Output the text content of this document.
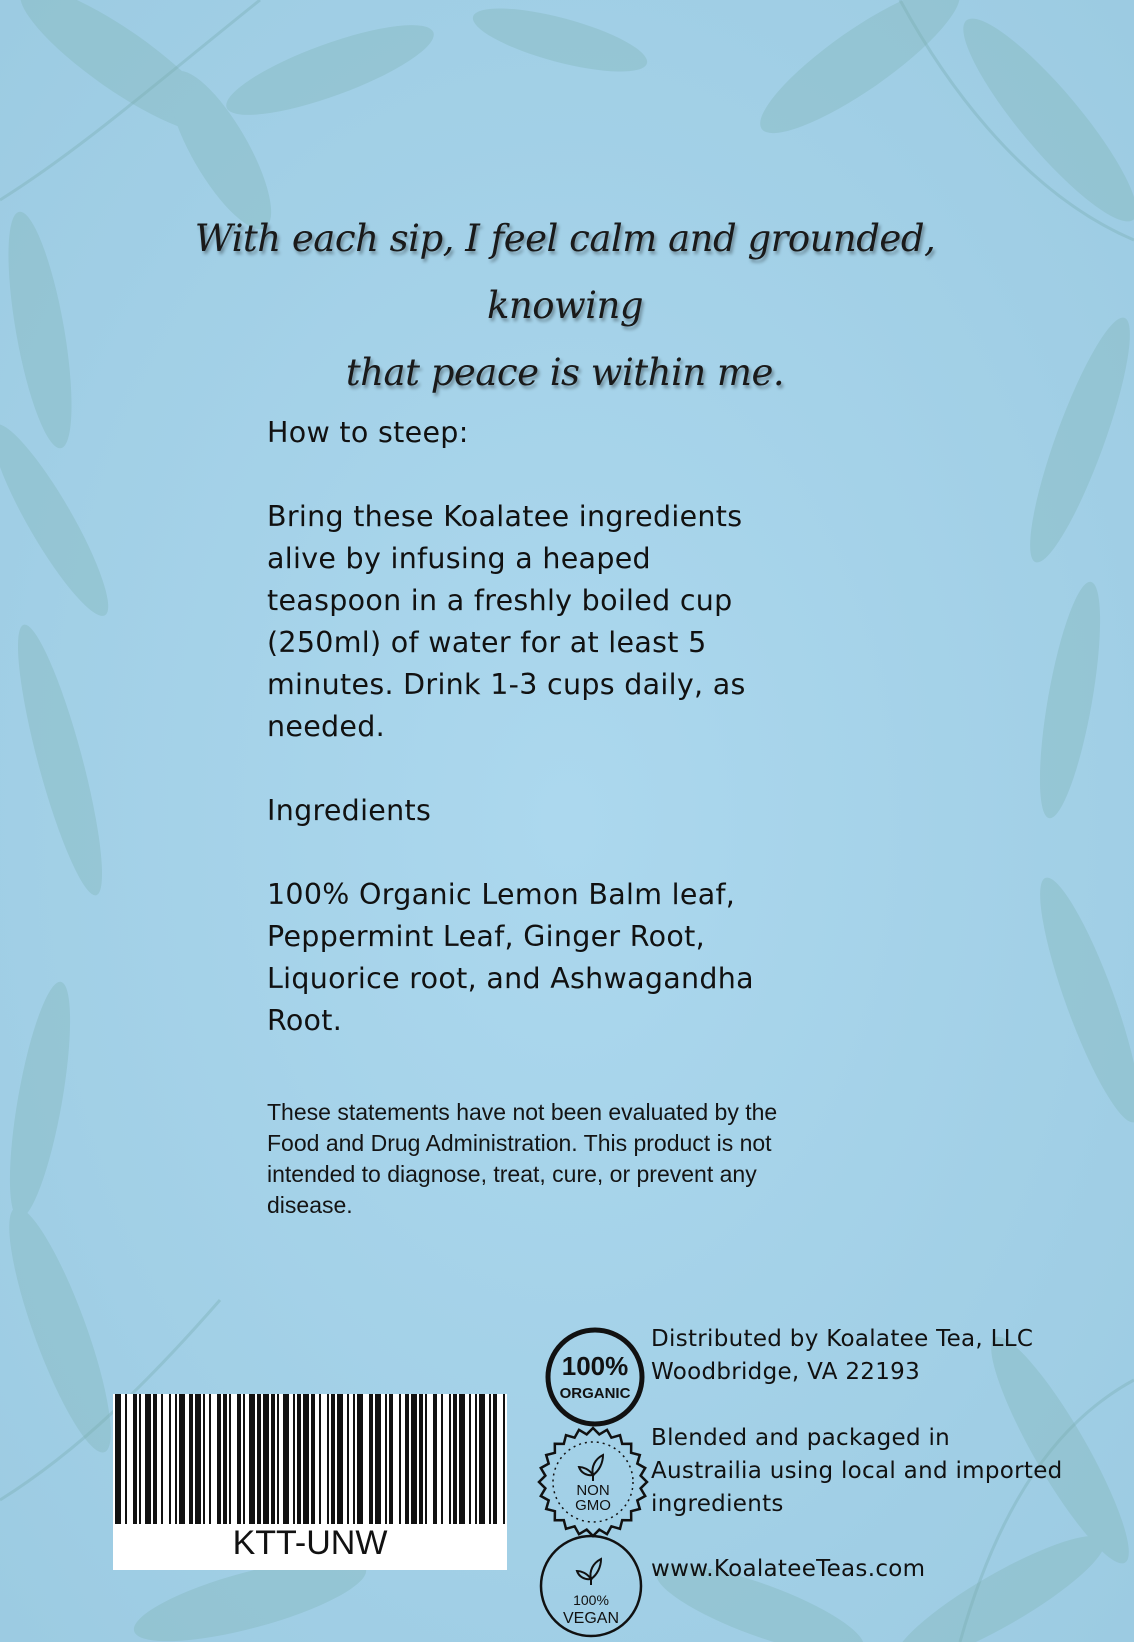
With each sip, I feel calm and grounded, knowing
that peace is within me.

How to steep:

Bring these Koalatee ingredients

alive by infusing a heaped

teaspoon in a freshly boiled cup

(250ml) of water for at least 5

minutes. Drink 1-3 cups daily, as

needed.

Ingredients

100% Organic Lemon Balm leaf,

Peppermint Leaf, Ginger Root,

Liquorice root, and Ashwagandha

Root.

These statements have not been evaluated by the
Food and Drug Administration. This product is not
intended to diagnose, treat, cure, or prevent any
disease.
KTT-UNW
100%
ORGANIC
NON
GMO
100%
VEGAN

Distributed by Koalatee Tea, LLC

Woodbridge, VA 22193

Blended and packaged in

Austrailia using local and imported

ingredients

www.KoalateeTeas.com
